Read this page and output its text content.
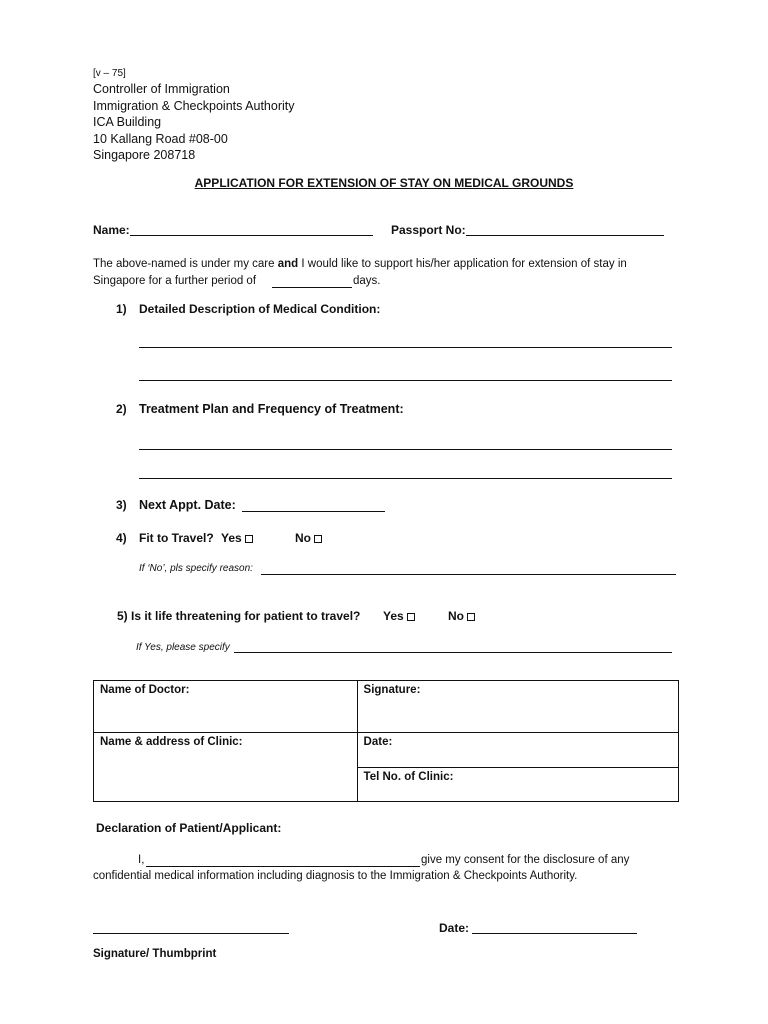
[v – 75]
Controller of Immigration
Immigration & Checkpoints Authority
ICA Building
10 Kallang Road #08-00
Singapore 208718
APPLICATION FOR EXTENSION OF STAY ON MEDICAL GROUNDS
Name:	Passport No:
The above-named is under my care and I would like to support his/her application for extension of stay in
Singapore for a further period of	days.
1) Detailed Description of Medical Condition:
2) Treatment Plan and Frequency of Treatment:
3) Next Appt. Date:
4) Fit to Travel? Yes	No
If ‘No’, pls specify reason:
5) Is it life threatening for patient to travel? Yes	No
If Yes, please specify
Name of Doctor:	Signature:
Name & address of Clinic:	Date:
	Tel No. of Clinic:
Declaration of Patient/Applicant:
I,	give my consent for the disclosure of any
confidential medical information including diagnosis to the Immigration & Checkpoints Authority.
Date:
Signature/ Thumbprint
